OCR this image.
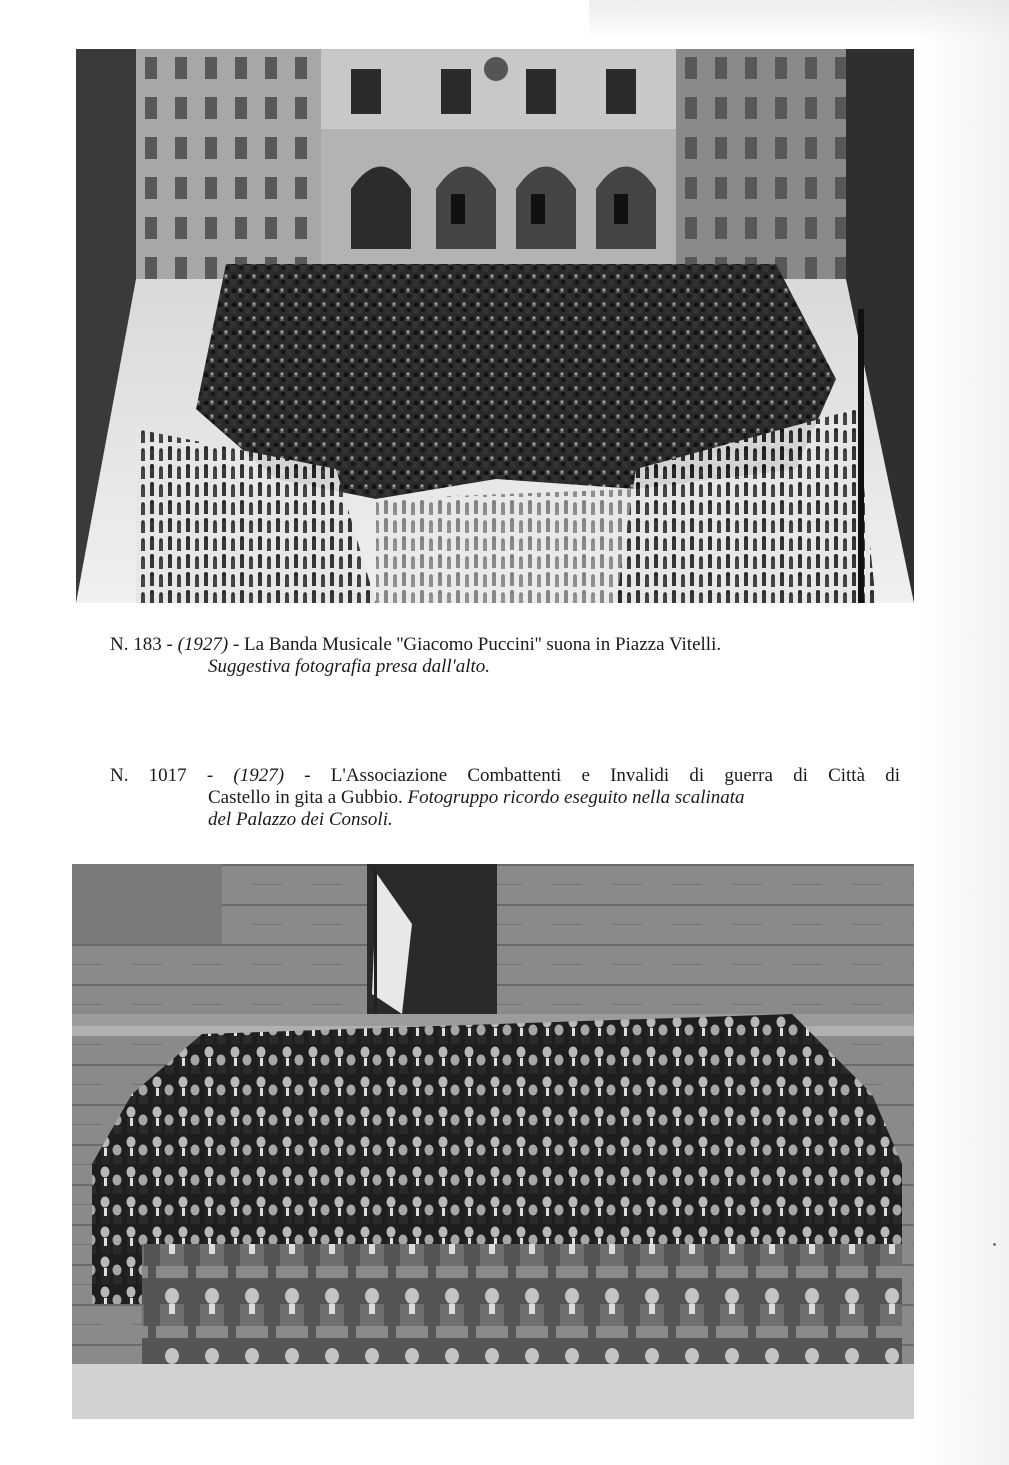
N. 183 - (1927) - La Banda Musicale ''Giacomo Puccini'' suona in Piazza Vitelli.
Suggestiva fotografia presa dall'alto.
N. 1017 - (1927) - L'Associazione Combattenti e Invalidi di guerra di Città di
Castello in gita a Gubbio. Fotogruppo ricordo eseguito nella scalinata
del Palazzo dei Consoli.
